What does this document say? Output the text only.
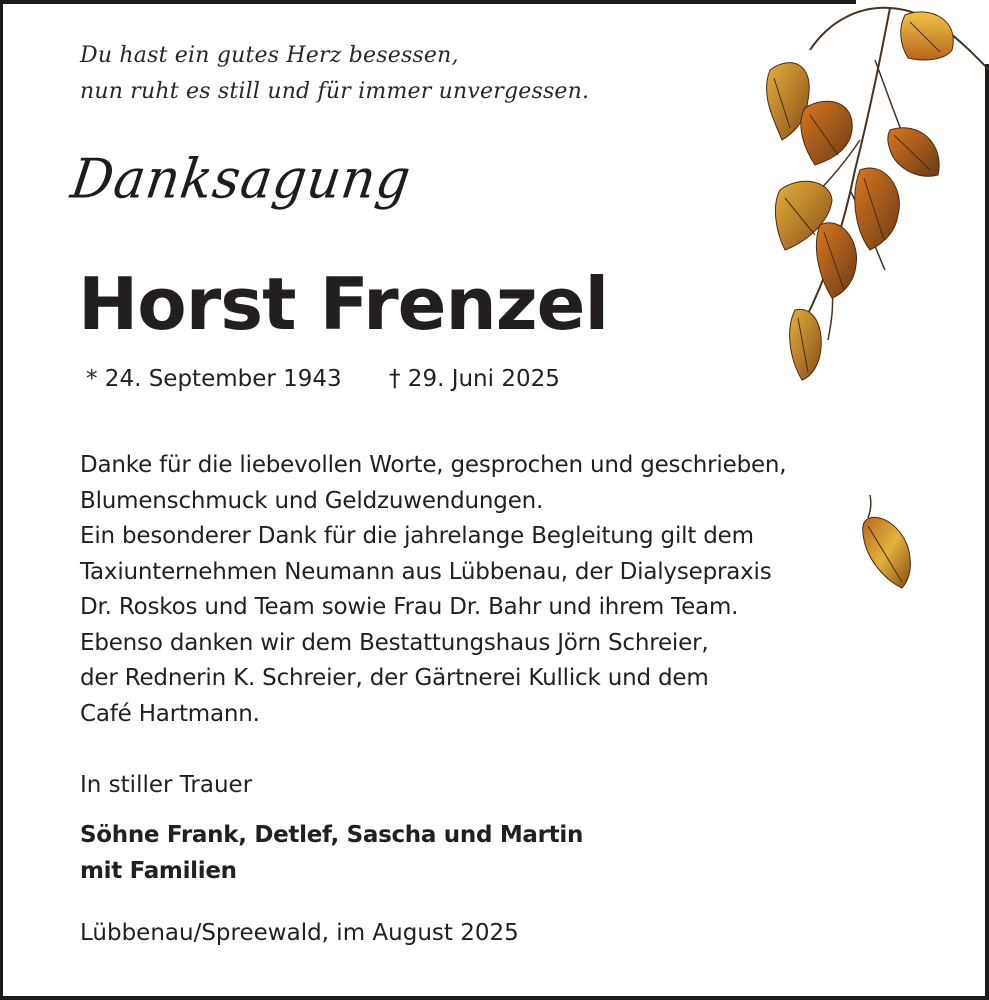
Du hast ein gutes Herz besessen,
nun ruht es still und für immer unvergessen.
Danksagung
Horst Frenzel
* 24. September 1943 † 29. Juni 2025
Danke für die liebevollen Worte, gesprochen und geschrieben,
Blumenschmuck und Geldzuwendungen.
Ein besonderer Dank für die jahrelange Begleitung gilt dem
Taxiunternehmen Neumann aus Lübbenau, der Dialysepraxis
Dr. Roskos und Team sowie Frau Dr. Bahr und ihrem Team.
Ebenso danken wir dem Bestattungshaus Jörn Schreier,
der Rednerin K. Schreier, der Gärtnerei Kullick und dem
Café Hartmann.
In stiller Trauer
Söhne Frank, Detlef, Sascha und Martin
mit Familien
Lübbenau/Spreewald, im August 2025
